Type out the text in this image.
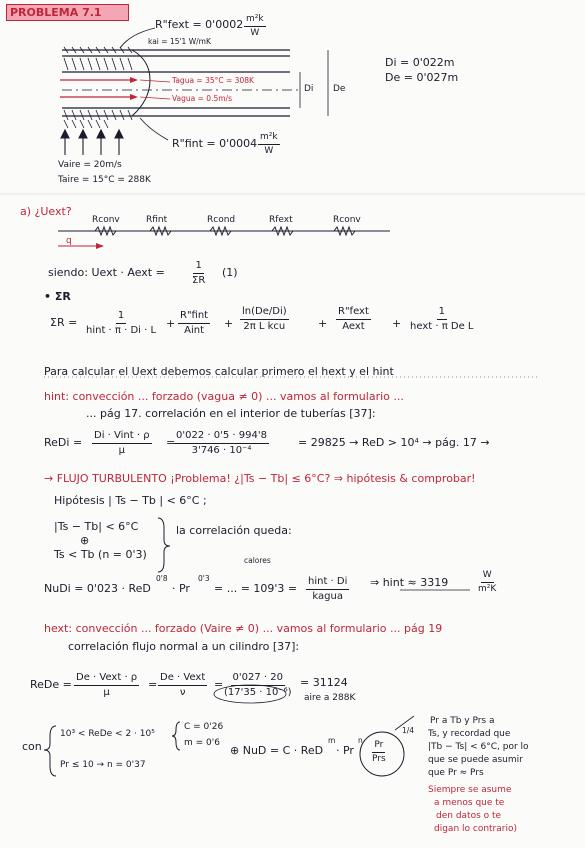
PROBLEMA 7.1
R"fext = $0'0002 \frac{\text{m²k}}{W}$
kai = 15'1 W/mK
Tagua = 35°C = 308K
Vagua = 0.5m/s
Di De
R"fint = $0'0004 \frac{\text{m²k}}{W}$
Vaire = 20m/s
Taire = 15°C = 288K
Di = 0'022m
De = 0'027m
a) ¿Uext?
Rconv	Rfint	Rcond	Rfext	Rconv
q
siendo: Uext · Aext =	$\frac{1}{\Sigma R} (1)$
• ΣR
ΣR =
1
hint · π · Di · L
+
R"fint
Aint
+
ln(De/Di)
2π L kcu	+
R"fext
Aext +
1
hext · π De L
Para calcular el Uext debemos calcular primero el hext y el hint
hint: convección ... forzado (vagua ≠ 0) ... vamos al formulario ...
... pág 17. correlación en el interior de tuberías [37]:
ReDi =
Di · Vint · ρ
μ
=
$\frac{0'022 \cdot 0'5 \cdot 994'8}{\text{3'746 · 10⁻⁴}}$	= 29825 → ReD > 10⁴ → pág. 17 →
→ FLUJO TURBULENTO ¡Problema! ¿|Ts − Tb| ≤ 6°C? ⇒ hipótesis & comprobar!
Hipótesis | Ts − Tb | < 6°C ;
|Ts − Tb| < 6°C
⊕
Ts < Tb (n = 0'3)
la correlación queda:
calores
NuDi = 0'023 · ReD
0'8
· Pr
0'3
= ... = 109'3 =
hint · Di
kagua
⇒ hint ≈ 3319	$\frac{W}{\text{m²K}}$
hext: convección ... forzado (Vaire ≠ 0) ... vamos al formulario ... pág 19
correlación flujo normal a un cilindro [37]:
ReDe =
De · Vext · ρ
μ
=
De · Vext
ν
=
$\frac{0'027 \cdot 20}{\text{(17'35 · 10⁻⁶)}} = 31124$
aire a 288K
con
10³ < ReDe < 2 · 10⁵
C = 0'26
m = 0'6
Pr ≤ 10 → n = 0'37
⊕ NuD = C · ReD
m
· Pr
n Pr
Prs
1/4
Pr a Tb y Prs a
Ts, y recordad que
|Tb − Ts| < 6°C, por lo
que se puede asumir
que Pr ≈ Prs
Siempre se asume
a menos que te
den datos o te
digan lo contrario)
